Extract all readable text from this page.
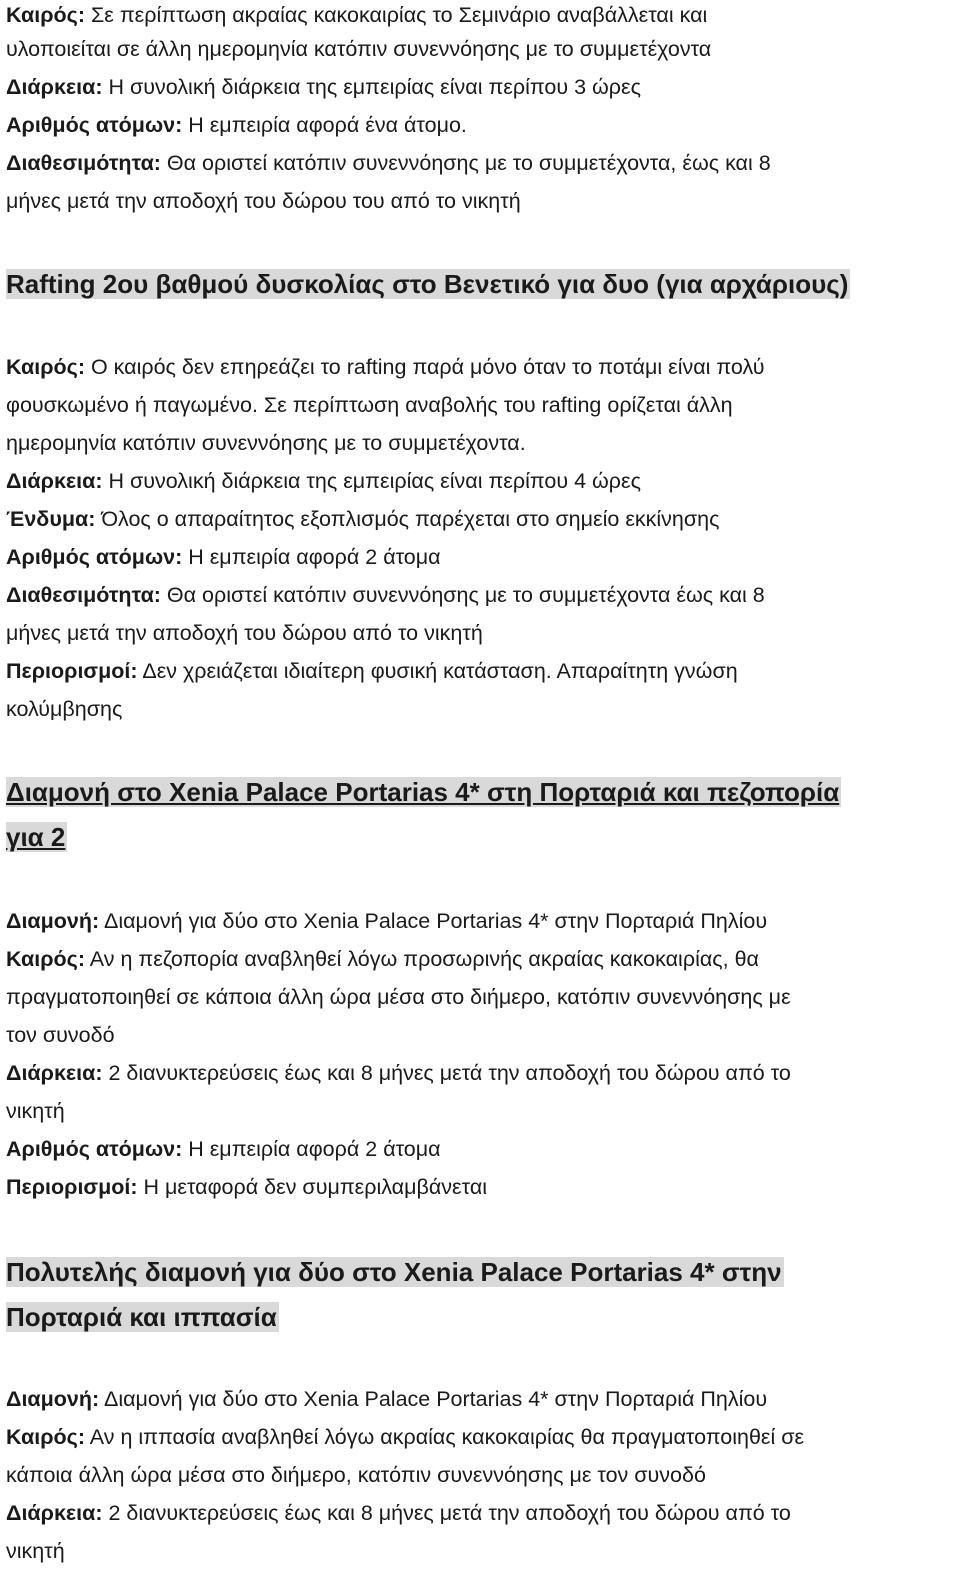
Καιρός: Σε περίπτωση ακραίας κακοκαιρίας το Σεμινάριο αναβάλλεται και
υλοποιείται σε άλλη ημερομηνία κατόπιν συνεννόησης με το συμμετέχοντα
Διάρκεια: Η συνολική διάρκεια της εμπειρίας είναι περίπου 3 ώρες
Αριθμός ατόμων: Η εμπειρία αφορά ένα άτομο.
Διαθεσιμότητα: Θα οριστεί κατόπιν συνεννόησης με το συμμετέχοντα, έως και 8
μήνες μετά την αποδοχή του δώρου του από το νικητή
Rafting 2ου βαθμού δυσκολίας στο Βενετικό για δυο (για αρχάριους)
Καιρός: Ο καιρός δεν επηρεάζει το rafting παρά μόνο όταν το ποτάμι είναι πολύ
φουσκωμένο ή παγωμένο. Σε περίπτωση αναβολής του rafting ορίζεται άλλη
ημερομηνία κατόπιν συνεννόησης με το συμμετέχοντα.
Διάρκεια: Η συνολική διάρκεια της εμπειρίας είναι περίπου 4 ώρες
Ένδυμα: Όλος ο απαραίτητος εξοπλισμός παρέχεται στο σημείο εκκίνησης
Αριθμός ατόμων: Η εμπειρία αφορά 2 άτομα
Διαθεσιμότητα: Θα οριστεί κατόπιν συνεννόησης με το συμμετέχοντα έως και 8
μήνες μετά την αποδοχή του δώρου από το νικητή
Περιορισμοί: Δεν χρειάζεται ιδιαίτερη φυσική κατάσταση. Απαραίτητη γνώση
κολύμβησης
Διαμονή στο Xenia Palace Portarias 4* στη Πορταριά και πεζοπορία
για 2
Διαμονή: Διαμονή για δύο στο Xenia Palace Portarias 4* στην Πορταριά Πηλίου
Καιρός: Αν η πεζοπορία αναβληθεί λόγω προσωρινής ακραίας κακοκαιρίας, θα
πραγματοποιηθεί σε κάποια άλλη ώρα μέσα στο διήμερο, κατόπιν συνεννόησης με
τον συνοδό
Διάρκεια: 2 διανυκτερεύσεις έως και 8 μήνες μετά την αποδοχή του δώρου από το
νικητή
Αριθμός ατόμων: Η εμπειρία αφορά 2 άτομα
Περιορισμοί: Η μεταφορά δεν συμπεριλαμβάνεται
Πολυτελής διαμονή για δύο στο Xenia Palace Portarias 4* στην
Πορταριά και ιππασία
Διαμονή: Διαμονή για δύο στο Xenia Palace Portarias 4* στην Πορταριά Πηλίου
Καιρός: Αν η ιππασία αναβληθεί λόγω ακραίας κακοκαιρίας θα πραγματοποιηθεί σε
κάποια άλλη ώρα μέσα στο διήμερο, κατόπιν συνεννόησης με τον συνοδό
Διάρκεια: 2 διανυκτερεύσεις έως και 8 μήνες μετά την αποδοχή του δώρου από το
νικητή
